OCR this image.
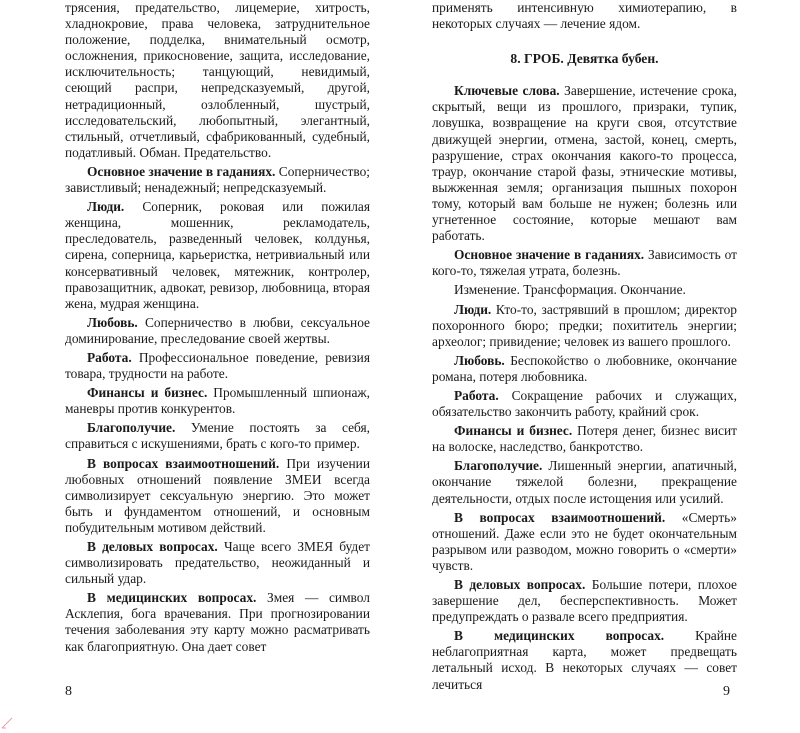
трясения, предательство, лицемерие, хитрость, хладнокровие, права человека, затруднительное положение, подделка, внимательный осмотр, осложнения, прикосновение, защита, исследование, исключительность; танцующий, невидимый, сеющий распри, непредсказуемый, другой, нетрадиционный, озлобленный, шустрый, исследовательский, любопытный, элегантный, стильный, отчетливый, сфабрикованный, судебный, податливый. Обман. Предательство.

Основное значение в гаданиях. Соперничество; завистливый; ненадежный; непредсказуемый.

Люди. Соперник, роковая или пожилая женщина, мошенник, рекламодатель, преследователь, разведенный человек, колдунья, сирена, соперница, карьеристка, нетривиальный или консервативный человек, мятежник, контролер, правозащитник, адвокат, ревизор, любовница, вторая жена, мудрая женщина.

Любовь. Соперничество в любви, сексуальное доминирование, преследование своей жертвы.

Работа. Профессиональное поведение, ревизия товара, трудности на работе.

Финансы и бизнес. Промышленный шпионаж, маневры против конкурентов.

Благополучие. Умение постоять за себя, справиться с искушениями, брать с кого-то пример.

В вопросах взаимоотношений. При изучении любовных отношений появление ЗМЕИ всегда символизирует сексуальную энергию. Это может быть и фундаментом отношений, и основным побудительным мотивом действий.

В деловых вопросах. Чаще всего ЗМЕЯ будет символизировать предательство, неожиданный и сильный удар.

В медицинских вопросах. Змея — символ Асклепия, бога врачевания. При прогнозировании течения заболевания эту карту можно расматривать как благоприятную. Она дает совет

8

применять интенсивную химиотерапию, в некоторых случаях — лечение ядом.

8. ГРОБ. Девятка бубен.

Ключевые слова. Завершение, истечение срока, скрытый, вещи из прошлого, призраки, тупик, ловушка, возвращение на круги своя, отсутствие движущей энергии, отмена, застой, конец, смерть, разрушение, страх окончания какого-то процесса, траур, окончание старой фазы, этнические мотивы, выжженная земля; организация пышных похорон тому, который вам больше не нужен; болезнь или угнетенное состояние, которые мешают вам работать.

Основное значение в гаданиях. Зависимость от кого-то, тяжелая утрата, болезнь.

Изменение. Трансформация. Окончание.

Люди. Кто-то, застрявший в прошлом; директор похоронного бюро; предки; похититель энергии; археолог; привидение; человек из вашего прошлого.

Любовь. Беспокойство о любовнике, окончание романа, потеря любовника.

Работа. Сокращение рабочих и служащих, обязательство закончить работу, крайний срок.

Финансы и бизнес. Потеря денег, бизнес висит на волоске, наследство, банкротство.

Благополучие. Лишенный энергии, апатичный, окончание тяжелой болезни, прекращение деятельности, отдых после истощения или усилий.

В вопросах взаимоотношений. «Смерть» отношений. Даже если это не будет окончательным разрывом или разводом, можно говорить о «смерти» чувств.

В деловых вопросах. Большие потери, плохое завершение дел, бесперспективность. Может предупреждать о развале всего предприятия.

В медицинских вопросах. Крайне неблагоприятная карта, может предвещать летальный исход. В некоторых случаях — совет лечиться	9
